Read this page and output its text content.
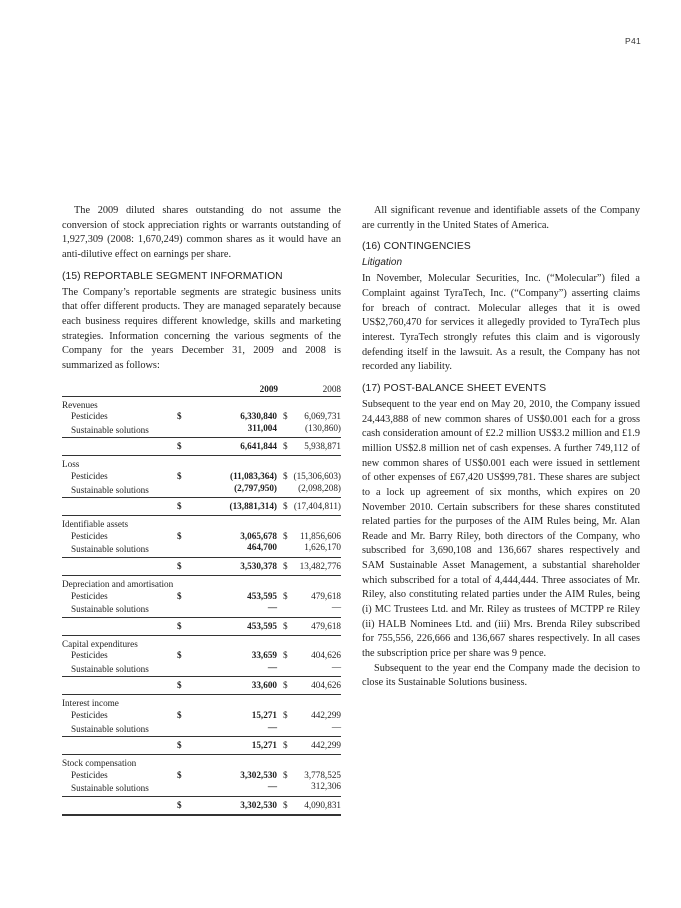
P41

The 2009 diluted shares outstanding do not assume the conversion of stock appreciation rights or warrants outstanding of 1,927,309 (2008: 1,670,249) common shares as it would have an anti-dilutive effect on earnings per share.

(15) REPORTABLE SEGMENT INFORMATION

The Company’s reportable segments are strategic business units that offer different products. They are managed separately because each business requires different knowledge, skills and marketing strategies. Information concerning the various segments of the Company for the years December 31, 2009 and 2008 is summarized as follows:

2009	2008
Revenues
Pesticides	$	6,330,840 $	6,069,731
Sustainable solutions	311,004	(130,860)
$	6,641,844 $	5,938,871
Loss
Pesticides	$	(11,083,364) $ (15,306,603)
Sustainable solutions	(2,797,950) (2,098,208)
$	(13,881,314) $ (17,404,811)
Identifiable assets
Pesticides	$	3,065,678 $	11,856,606
Sustainable solutions	464,700	1,626,170
$	3,530,378 $	13,482,776
Depreciation and amortisation
Pesticides	$	453,595 $	479,618
Sustainable solutions	—	—
$	453,595 $	479,618
Capital expenditures
Pesticides	$	33,659 $	404,626
Sustainable solutions	—	—
$	33,600 $	404,626
Interest income
Pesticides	$	15,271 $	442,299
Sustainable solutions	—	—
$	15,271 $	442,299
Stock compensation
Pesticides	$	3,302,530 $	3,778,525
Sustainable solutions	—	312,306
$	3,302,530 $	4,090,831

All significant revenue and identifiable assets of the Company are currently in the United States of America.

(16) CONTINGENCIES
Litigation

In November, Molecular Securities, Inc. (“Molecular”) filed a Complaint against TyraTech, Inc. (“Company”) asserting claims for breach of contract. Molecular alleges that it is owed US$2,760,470 for services it allegedly provided to TyraTech plus interest. TyraTech strongly refutes this claim and is vigorously defending itself in the lawsuit. As a result, the Company has not recorded any liability.

(17) POST-BALANCE SHEET EVENTS

Subsequent to the year end on May 20, 2010, the Company issued 24,443,888 of new common shares of US$0.001 each for a gross cash consideration amount of £2.2 million US$3.2 million and £1.9 million US$2.8 million net of cash expenses. A further 749,112 of new common shares of US$0.001 each were issued in settlement of other expenses of £67,420 US$99,781. These shares are subject to a lock up agreement of six months, which expires on 20 November 2010. Certain subscribers for these shares constituted related parties for the purposes of the AIM Rules being, Mr. Alan Reade and Mr. Barry Riley, both directors of the Company, who subscribed for 3,690,108 and 136,667 shares respectively and SAM Sustainable Asset Management, a substantial shareholder which subscribed for a total of 4,444,444. Three associates of Mr. Riley, also constituting related parties under the AIM Rules, being (i) MC Trustees Ltd. and Mr. Riley as trustees of MCTPP re Riley (ii) HALB Nominees Ltd. and (iii) Mrs. Brenda Riley subscribed for 755,556, 226,666 and 136,667 shares respectively. In all cases the subscription price per share was 9 pence.

Subsequent to the year end the Company made the decision to close its Sustainable Solutions business.
